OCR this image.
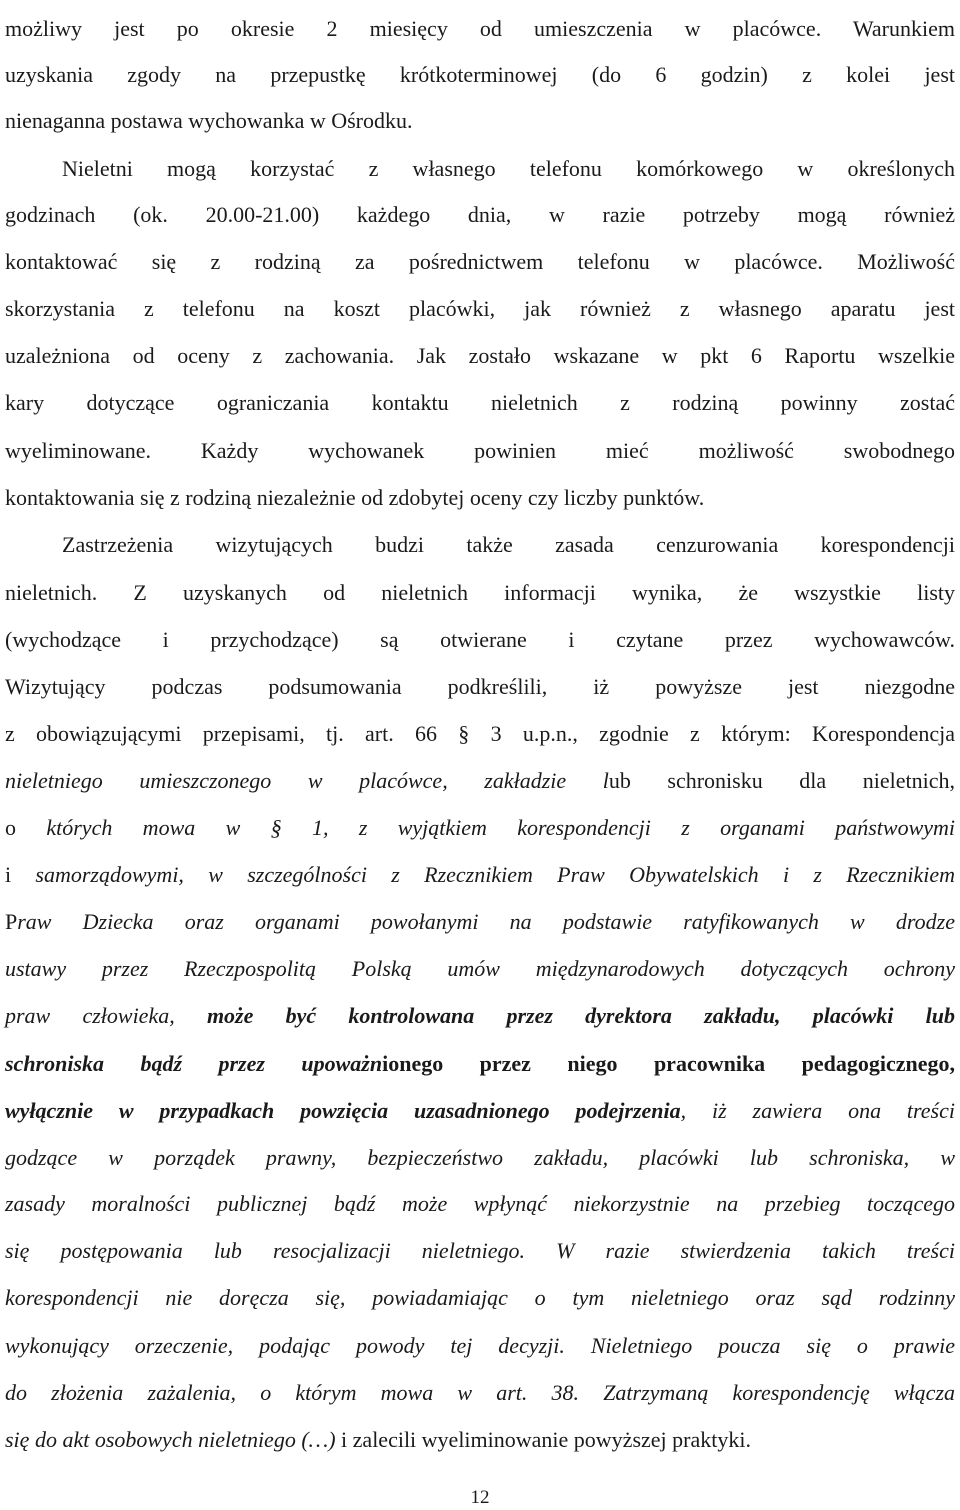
możliwy jest po okresie 2 miesięcy od umieszczenia w placówce. Warunkiem
uzyskania zgody na przepustkę krótkoterminowej (do 6 godzin) z kolei jest
nienaganna postawa wychowanka w Ośrodku.
Nieletni mogą korzystać z własnego telefonu komórkowego w określonych
godzinach (ok. 20.00-21.00) każdego dnia, w razie potrzeby mogą również
kontaktować się z rodziną za pośrednictwem telefonu w placówce. Możliwość
skorzystania z telefonu na koszt placówki, jak również z własnego aparatu jest
uzależniona od oceny z zachowania. Jak zostało wskazane w pkt 6 Raportu wszelkie
kary dotyczące ograniczania kontaktu nieletnich z rodziną powinny zostać
wyeliminowane. Każdy wychowanek powinien mieć możliwość swobodnego
kontaktowania się z rodziną niezależnie od zdobytej oceny czy liczby punktów.
Zastrzeżenia wizytujących budzi także zasada cenzurowania korespondencji
nieletnich. Z uzyskanych od nieletnich informacji wynika, że wszystkie listy
(wychodzące i przychodzące) są otwierane i czytane przez wychowawców.
Wizytujący podczas podsumowania podkreślili, iż powyższe jest niezgodne
z obowiązującymi przepisami, tj. art. 66 § 3 u.p.n., zgodnie z którym: Korespondencja
nieletniego umieszczonego w placówce, zakładzie lub schronisku dla nieletnich,
o których mowa w § 1, z wyjątkiem korespondencji z organami państwowymi
i samorządowymi, w szczególności z Rzecznikiem Praw Obywatelskich i z Rzecznikiem
Praw Dziecka oraz organami powołanymi na podstawie ratyfikowanych w drodze
ustawy przez Rzeczpospolitą Polską umów międzynarodowych dotyczących ochrony
praw człowieka, może być kontrolowana przez dyrektora zakładu, placówki lub
schroniska bądź przez upoważnionego przez niego pracownika pedagogicznego,
wyłącznie w przypadkach powzięcia uzasadnionego podejrzenia, iż zawiera ona treści
godzące w porządek prawny, bezpieczeństwo zakładu, placówki lub schroniska, w
zasady moralności publicznej bądź może wpłynąć niekorzystnie na przebieg toczącego
się postępowania lub resocjalizacji nieletniego. W razie stwierdzenia takich treści
korespondencji nie doręcza się, powiadamiając o tym nieletniego oraz sąd rodzinny
wykonujący orzeczenie, podając powody tej decyzji. Nieletniego poucza się o prawie
do złożenia zażalenia, o którym mowa w art. 38. Zatrzymaną korespondencję włącza
się do akt osobowych nieletniego (…) i zalecili wyeliminowanie powyższej praktyki.
12
